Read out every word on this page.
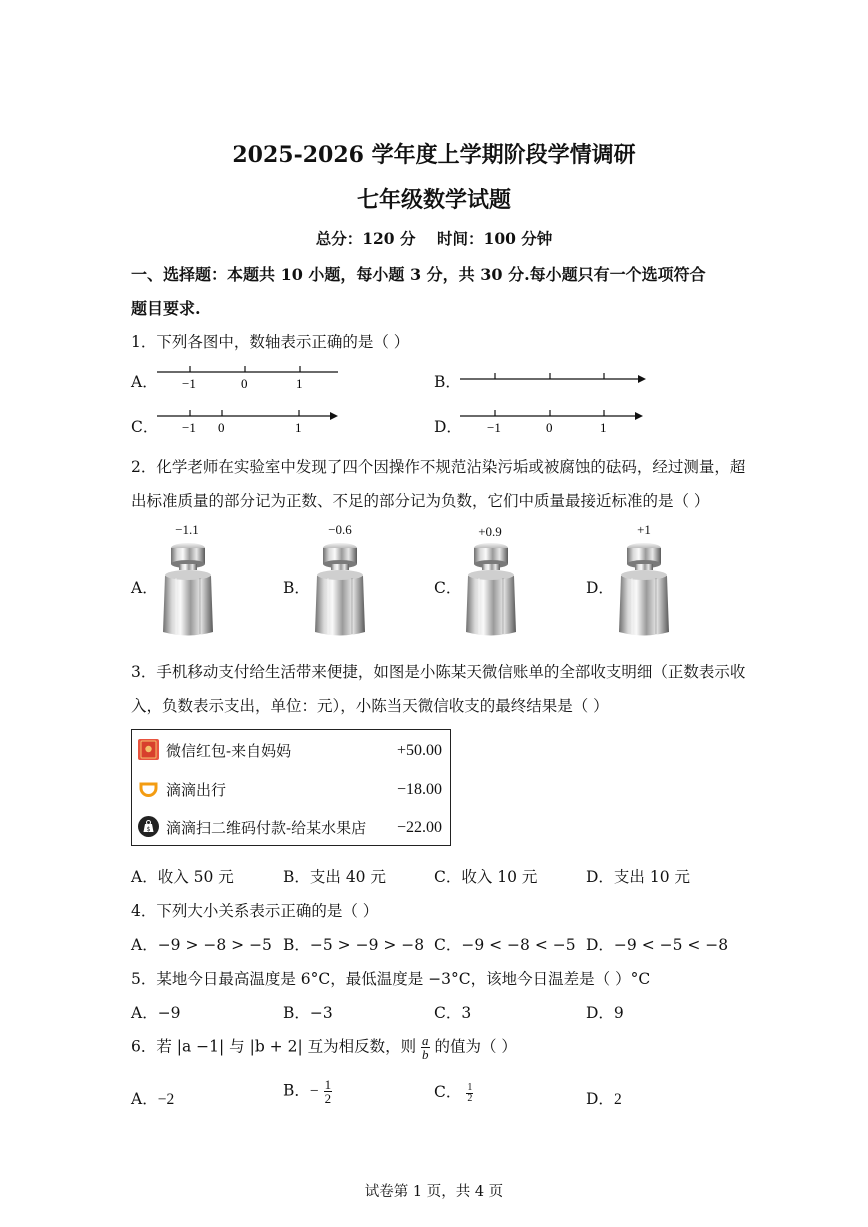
2025-2026 学年度上学期阶段学情调研
七年级数学试题
总分：120 分    时间：100 分钟
一、选择题：本题共 10 小题，每小题 3 分，共 30 分.每小题只有一个选项符合
题目要求.
1．下列各图中，数轴表示正确的是（ ）
A． −1	0	1	B．
C． −1 0	1	D． −1	0	1
2．化学老师在实验室中发现了四个因操作不规范沾染污垢或被腐蚀的砝码，经过测量，超
出标准质量的部分记为正数、不足的部分记为负数，它们中质量最接近标准的是（ ）
−1.1
A．
−0.6
B．
+0.9
C．
+1
D．
3．手机移动支付给生活带来便捷，如图是小陈某天微信账单的全部收支明细（正数表示收
入，负数表示支出，单位：元），小陈当天微信收支的最终结果是（ ）
微信红包-来自妈妈	+50.00
滴滴出行	−18.00
$ 滴滴扫二维码付款-给某水果店 −22.00
A．收入 50 元	B．支出 40 元	C．收入 10 元	D．支出 10 元
4．下列大小关系表示正确的是（ ）
A．−9 > −8 > −5 B．−5 > −9 > −8 C．−9 < −8 < −5 D．−9 < −5 < −8
5．某地今日最高温度是 6°C，最低温度是 −3°C，该地今日温差是（ ）°C
A．−9	B．−3	C．3	D．9
6．若 |a −1| 与 |b + 2| 互为相反数，则 $\frac{a}{b}$ 的值为（ ）
A．−2	B．− $\frac{1}{2}$	C． $\frac{1}{2}$	D．2
试卷第 1 页，共 4 页
